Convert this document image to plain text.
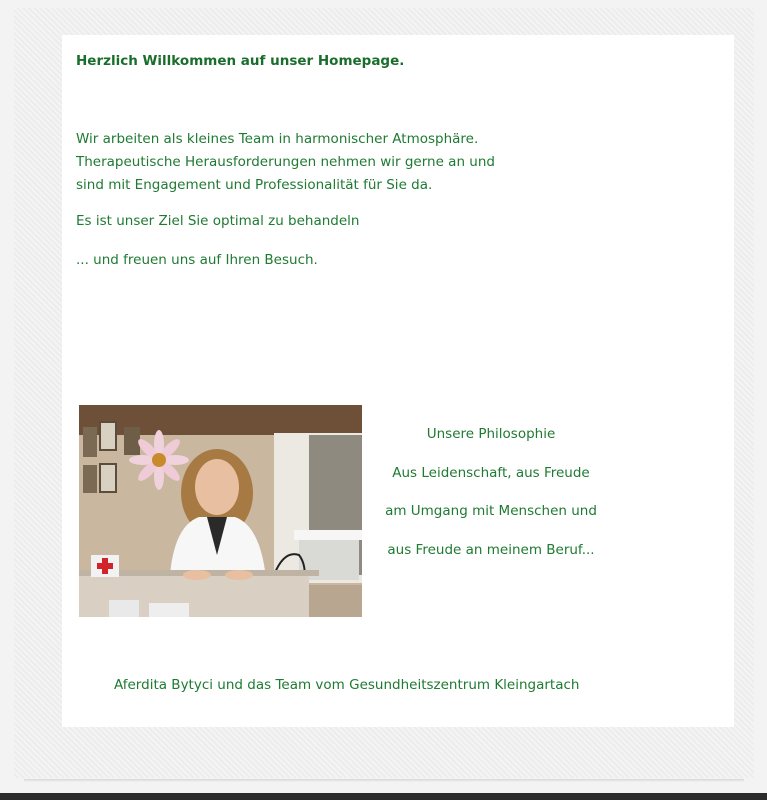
Herzlich Willkommen auf unser Homepage.
Wir arbeiten als kleines Team in harmonischer Atmosphäre.
Therapeutische Herausforderungen nehmen wir gerne an und
sind mit Engagement und Professionalität für Sie da.
Es ist unser Ziel Sie optimal zu behandeln
... und freuen uns auf Ihren Besuch.
Unsere Philosophie
Aus Leidenschaft, aus Freude
am Umgang mit Menschen und
aus Freude an meinem Beruf...
Aferdita Bytyci und das Team vom Gesundheitszentrum Kleingartach
